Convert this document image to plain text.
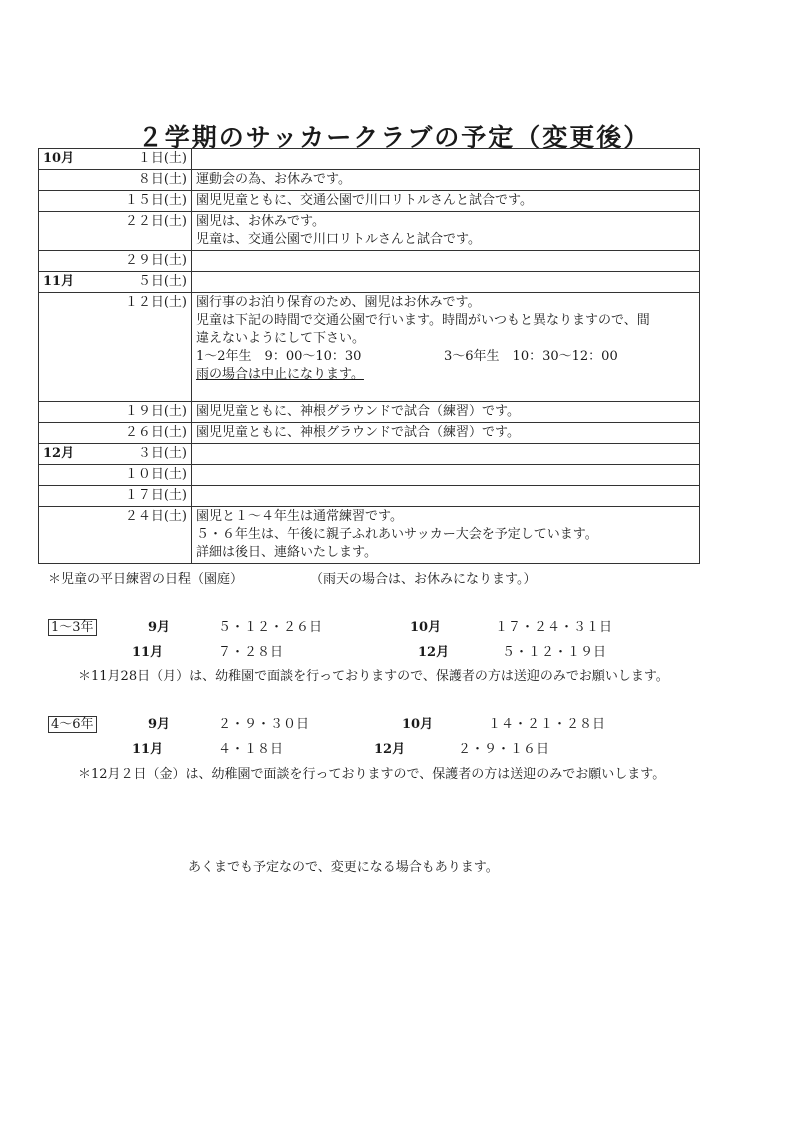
２学期のサッカークラブの予定（変更後）
10月	１日(土)	
	８日(土)	運動会の為、お休みです。

	１５日(土)	園児児童ともに、交通公園で川口リトルさんと試合です。

	２２日(土)	園児は、お休みです。
児童は、交通公園で川口リトルさんと試合です。

	２９日(土)	
11月	５日(土)	
	１２日(土)	園行事のお泊り保育のため、園児はお休みです。
児童は下記の時間で交通公園で行います。時間がいつもと異なりますので、間
違えないようにして下さい。
1～2年生　9：00～10：30 3～6年生　10：30～12：00
雨の場合は中止になります。

	１９日(土)	園児児童ともに、神根グラウンドで試合（練習）です。

	２６日(土)	園児児童ともに、神根グラウンドで試合（練習）です。

12月	３日(土)	
	１０日(土)	
	１７日(土)	
	２４日(土)	園児と１～４年生は通常練習です。
５・６年生は、午後に親子ふれあいサッカー大会を予定しています。
詳細は後日、連絡いたします。
＊児童の平日練習の日程（園庭）	（雨天の場合は、お休みになります。）
1～3年	9月	５・１２・２６日	10月	１７・２４・３１日
11月	７・２８日	12月	５・１２・１９日
＊11月28日（月）は、幼稚園で面談を行っておりますので、保護者の方は送迎のみでお願いします。
4～6年	9月	２・９・３０日	10月	１４・２１・２８日
11月	４・１８日	12月	２・９・１６日
＊12月２日（金）は、幼稚園で面談を行っておりますので、保護者の方は送迎のみでお願いします。
あくまでも予定なので、変更になる場合もあります。
